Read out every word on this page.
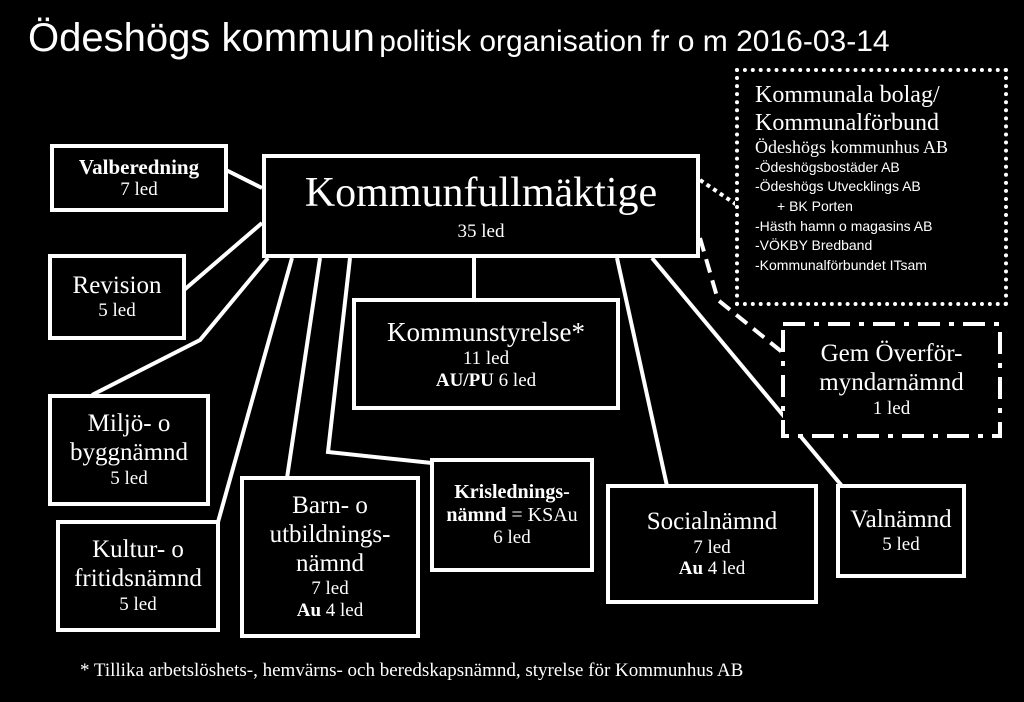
Ödeshögs kommun politisk organisation fr o m 2016-03-14
Kommunfullmäktige
35 led
Valberedning
7 led
Revision
5 led
Kommunstyrelse*
11 led
AU/PU 6 led
Miljö- o
byggnämnd
5 led
Kultur- o
fritidsnämnd
5 led
Barn- o
utbildnings-
nämnd
7 led
Au 4 led
Krislednings-
nämnd = KSAu
6 led
Socialnämnd
7 led
Au 4 led
Valnämnd
5 led
Gem Överför-
myndarnämnd
1 led
Kommunala bolag/
Kommunalförbund
Ödeshögs kommunhus AB
-Ödeshögsbostäder AB
-Ödeshögs Utvecklings AB
+ BK Porten
-Hästh hamn o magasins AB
-VÖKBY Bredband
-Kommunalförbundet ITsam
* Tillika arbetslöshets-, hemvärns- och beredskapsnämnd, styrelse för Kommunhus AB
